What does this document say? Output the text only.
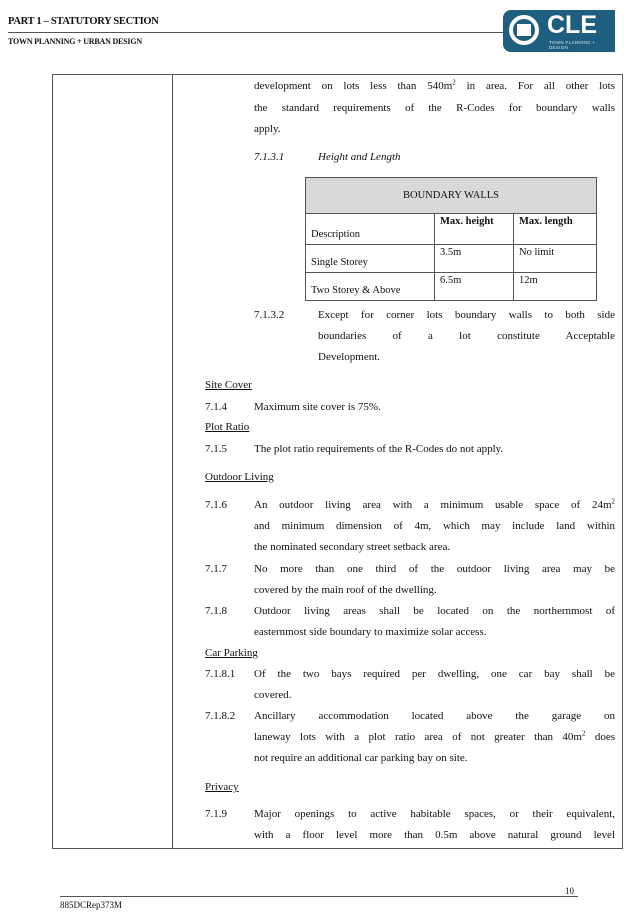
PART 1 – STATUTORY SECTION
TOWN PLANNING + URBAN DESIGN
CLE
TOWN PLANNING + DESIGN
development on lots less than $540m^2$ in area. For all other lots
the standard requirements of the R-Codes for boundary walls
apply.
7.1.3.1	Height and Length
BOUNDARY WALLS		
Description	Max. height	Max. length
Single Storey	3.5m	No limit
Two Storey & Above	6.5m	12m
7.1.3.2	Except for corner lots boundary walls to both side
boundaries of a lot constitute Acceptable
Development.
Site Cover
7.1.4 Maximum site cover is 75%.
Plot Ratio
7.1.5 The plot ratio requirements of the R-Codes do not apply.
Outdoor Living
7.1.6 An outdoor living area with a minimum usable space of $24m^2$
and minimum dimension of 4m, which may include land within
the nominated secondary street setback area.
7.1.7 No more than one third of the outdoor living area may be
covered by the main roof of the dwelling.
7.1.8 Outdoor living areas shall be located on the northernmost of
easternmost side boundary to maximize solar access.
Car Parking
7.1.8.1 Of the two bays required per dwelling, one car bay shall be
covered.
7.1.8.2 Ancillary accommodation located above the garage on
laneway lots with a plot ratio area of not greater than $40m^2$ does
not require an additional car parking bay on site.
Privacy
7.1.9 Major openings to active habitable spaces, or their equivalent,
with a floor level more than 0.5m above natural ground level
10
885DCRep373M
